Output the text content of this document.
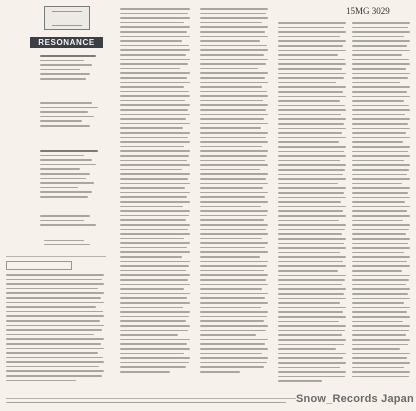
RESONANCE
15MG 3029
Snow_Records Japan
